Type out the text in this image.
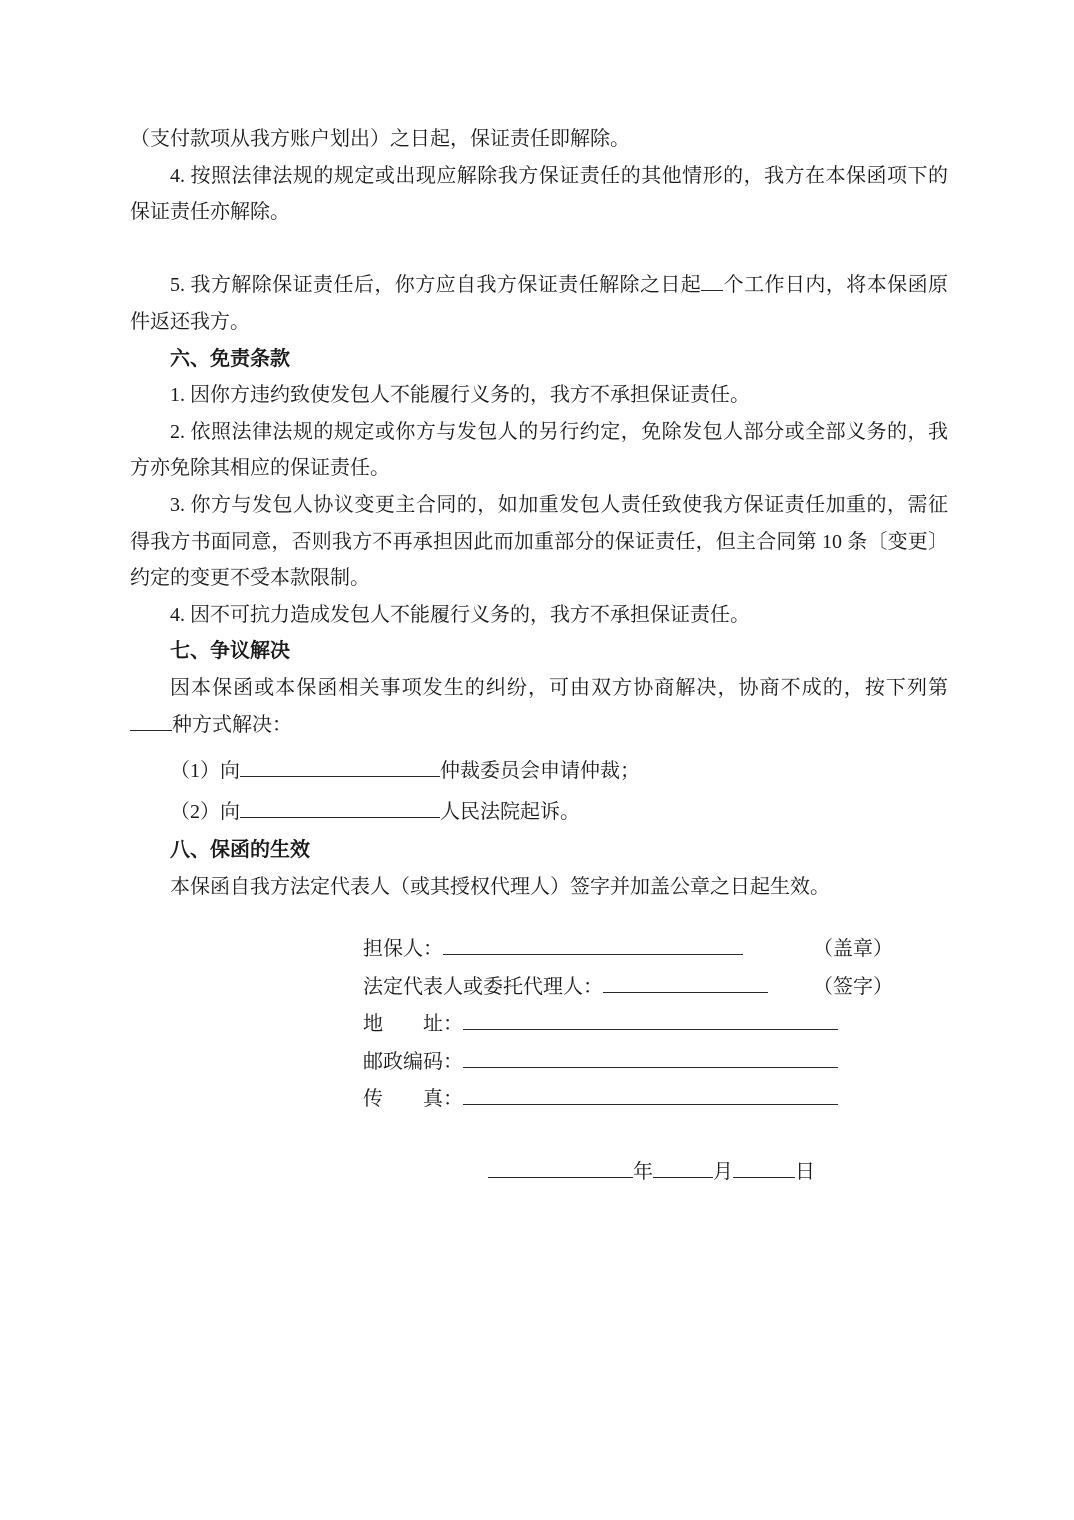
（支付款项从我方账户划出）之日起，保证责任即解除。

4. 按照法律法规的规定或出现应解除我方保证责任的其他情形的，我方在本保函项下的保证责任亦解除。

5. 我方解除保证责任后，你方应自我方保证责任解除之日起 个工作日内，将本保函原件返还我方。

六、免责条款

1. 因你方违约致使发包人不能履行义务的，我方不承担保证责任。

2. 依照法律法规的规定或你方与发包人的另行约定，免除发包人部分或全部义务的，我方亦免除其相应的保证责任。

3. 你方与发包人协议变更主合同的，如加重发包人责任致使我方保证责任加重的，需征得我方书面同意，否则我方不再承担因此而加重部分的保证责任，但主合同第 10 条〔变更〕约定的变更不受本款限制。

4. 因不可抗力造成发包人不能履行义务的，我方不承担保证责任。

七、争议解决

因本保函或本保函相关事项发生的纠纷，可由双方协商解决，协商不成的，按下列第种方式解决：

（1）向	仲裁委员会申请仲裁；

（2）向	人民法院起诉。

八、保函的生效

本保函自我方法定代表人（或其授权代理人）签字并加盖公章之日起生效。

担保人：	（盖章）

法定代表人或委托代理人：	（签字）

地　　址：

邮政编码：

传　　真：

年	月	日
